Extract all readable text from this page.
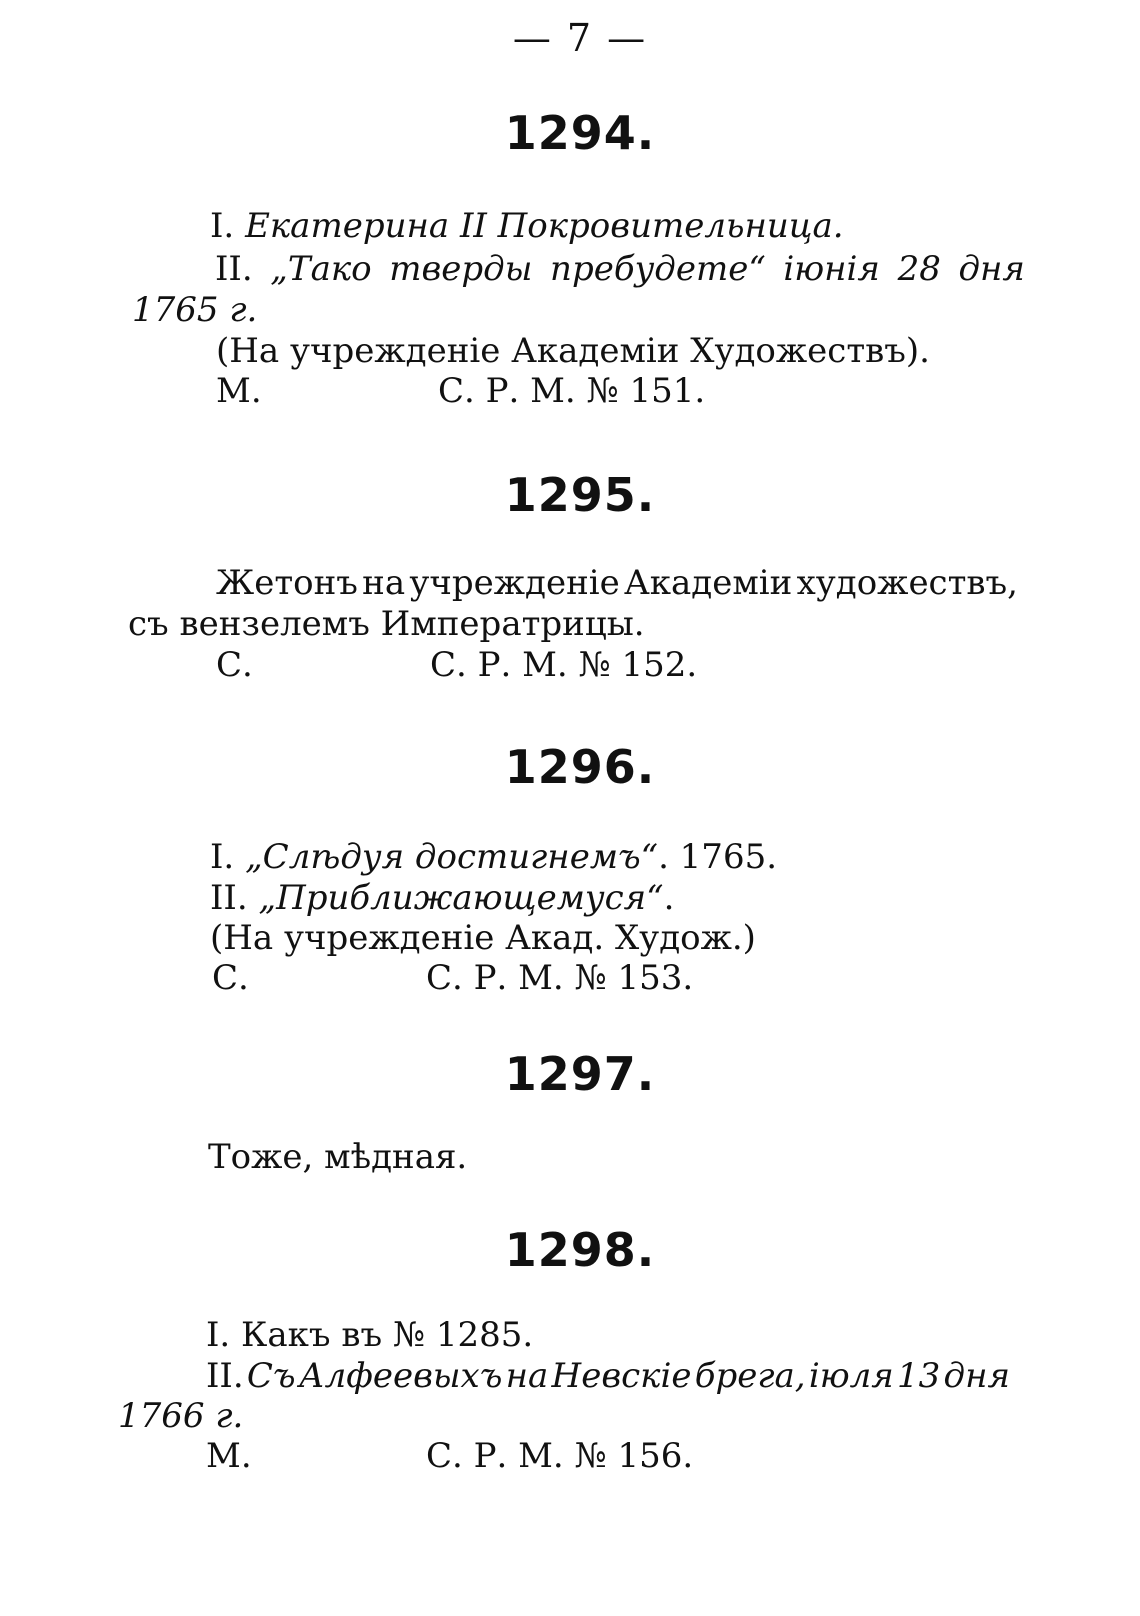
— 7 —
1294.
I. Екатерина II Покровительница.
II. „Тако тверды пребудете“ іюнія 28 дня
1765 г.
(На учрежденіе Академіи Художествъ).
М.	С. Р. М. № 151.
1295.
Жетонъ на учрежденіе Академіи художествъ,
съ вензелемъ Императрицы.
С.	С. Р. М. № 152.
1296.
I. „Слѣдуя достигнемъ“. 1765.
II. „Приближающемуся“.
(На учрежденіе Акад. Худож.)
С.	С. Р. М. № 153.
1297.
Тоже, мѣдная.
1298.
I. Какъ въ № 1285.
II. Съ Алфеевыхъ на Невскіе брега, іюля 13 дня
1766 г.
М.	С. Р. М. № 156.
